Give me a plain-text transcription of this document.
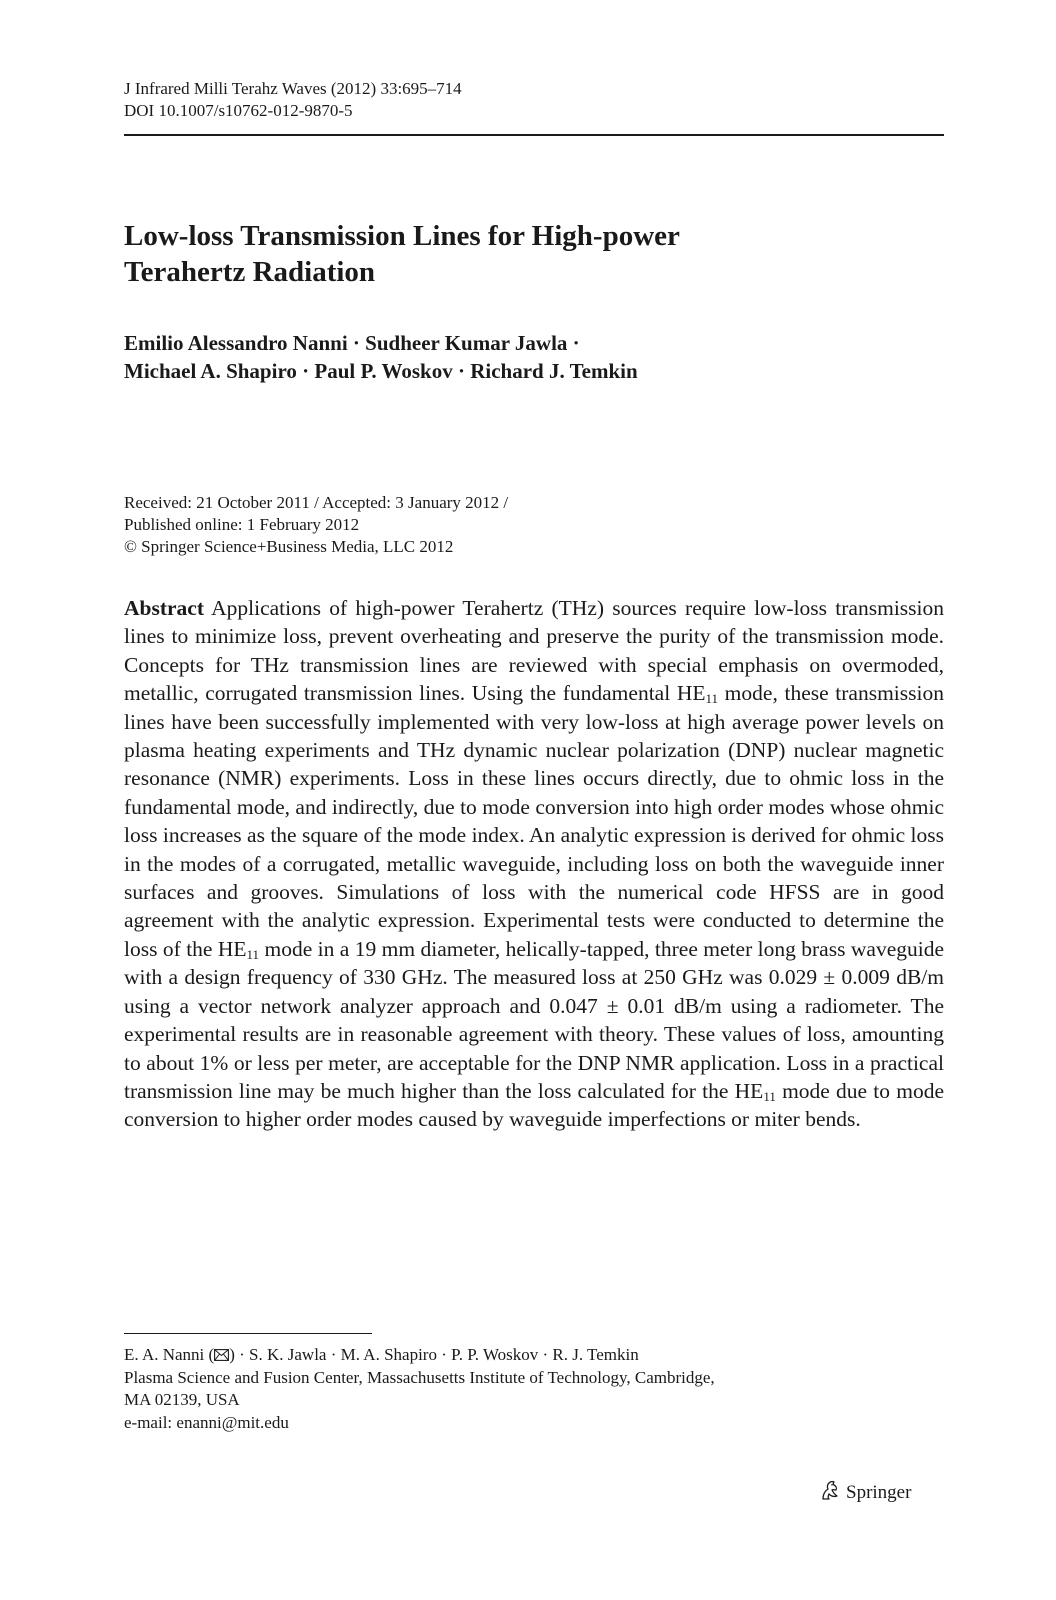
J Infrared Milli Terahz Waves (2012) 33:695–714
DOI 10.1007/s10762-012-9870-5
Low-loss Transmission Lines for High-power
Terahertz Radiation
Emilio Alessandro Nanni · Sudheer Kumar Jawla ·
Michael A. Shapiro · Paul P. Woskov · Richard J. Temkin
Received: 21 October 2011 / Accepted: 3 January 2012 /
Published online: 1 February 2012
© Springer Science+Business Media, LLC 2012

Abstract Applications of high-power Terahertz (THz) sources require low-loss transmission lines to minimize loss, prevent overheating and preserve the purity of the transmission mode. Concepts for THz transmission lines are reviewed with special emphasis on overmoded, metallic, corrugated transmission lines. Using the fundamental $HE_{11}$ mode, these transmission lines have been successfully implemented with very low-loss at high average power levels on plasma heating experiments and THz dynamic nuclear polarization (DNP) nuclear magnetic resonance (NMR) experiments. Loss in these lines occurs directly, due to ohmic loss in the fundamental mode, and indirectly, due to mode conversion into high order modes whose ohmic loss increases as the square of the mode index. An analytic expression is derived for ohmic loss in the modes of a corrugated, metallic waveguide, including loss on both the waveguide inner surfaces and grooves. Simulations of loss with the numerical code HFSS are in good agreement with the analytic expression. Experimental tests were conducted to determine the loss of the $HE_{11}$ mode in a 19 mm diameter, helically-tapped, three meter long brass waveguide with a design frequency of 330 GHz. The measured loss at 250 GHz was 0.029 ± 0.009 dB/m using a vector network analyzer approach and 0.047 ± 0.01 dB/m using a radiometer. The experimental results are in reasonable agreement with theory. These values of loss, amounting to about 1% or less per meter, are acceptable for the DNP NMR application. Loss in a practical transmission line may be much higher than the loss calculated for the $HE_{11}$ mode due to mode conversion to higher order modes caused by waveguide imperfections or miter bends.

E. A. Nanni ( ) · S. K. Jawla · M. A. Shapiro · P. P. Woskov · R. J. Temkin
Plasma Science and Fusion Center, Massachusetts Institute of Technology, Cambridge,
MA 02139, USA
e-mail: enanni@mit.edu
Springer
